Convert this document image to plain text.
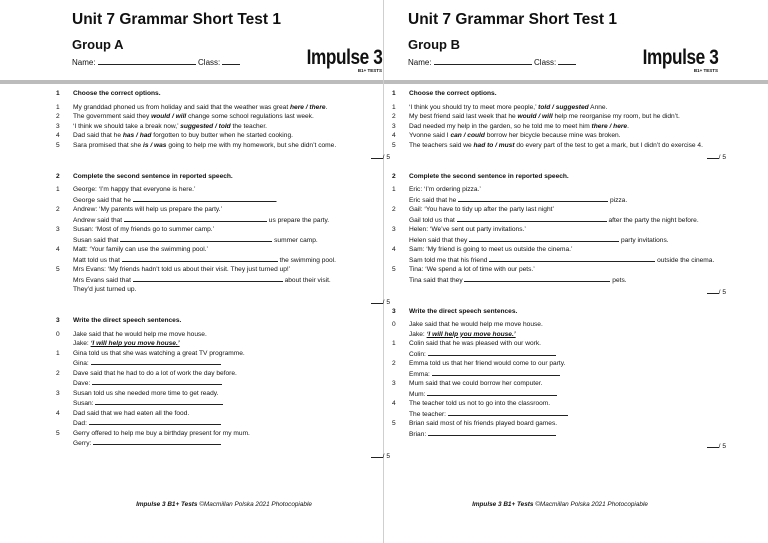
Unit 7 Grammar Short Test 1
Group A
Name:	Class:	Impulse 3
B1+ TESTS
1	Choose the correct options.
1	My granddad phoned us from holiday and said that the weather was great here / there.
2	The government said they would / will change some school regulations last week.
3	‘I think we should take a break now,’ suggested / told the teacher.
4	Dad said that he has / had forgotten to buy butter when he started cooking.
5	Sara promised that she is / was going to help me with my homework, but she didn’t come.
/ 5
2	Complete the second sentence in reported speech.
1	George: ‘I’m happy that everyone is here.’
George said that he	.
2	Andrew: ‘My parents will help us prepare the party.’
Andrew said that	us prepare the party.
3	Susan: ‘Most of my friends go to summer camp.’
Susan said that	summer camp.
4	Matt: ‘Your family can use the swimming pool.’
Matt told us that	the swimming pool.
5	Mrs Evans: ‘My friends hadn’t told us about their visit. They just turned up!’
Mrs Evans said that	about their visit.
They’d just turned up.
/ 5
3	Write the direct speech sentences.
0	Jake said that he would help me move house.
Jake: ‘I will help you move house.’
1	Gina told us that she was watching a great TV programme.
Gina:
2	Dave said that he had to do a lot of work the day before.
Dave:
3	Susan told us she needed more time to get ready.
Susan:
4	Dad said that we had eaten all the food.
Dad:
5	Gerry offered to help me buy a birthday present for my mum.
Gerry:
/ 5
Impulse 3 B1+ Tests ©Macmillan Polska 2021 Photocopiable
Unit 7 Grammar Short Test 1
Group B
Name:	Class:	Impulse 3
B1+ TESTS
1	Choose the correct options.
1	‘I think you should try to meet more people,’ told / suggested Anne.
2	My best friend said last week that he would / will help me reorganise my room, but he didn’t.
3	Dad needed my help in the garden, so he told me to meet him there / here.
4	Yvonne said I can / could borrow her bicycle because mine was broken.
5	The teachers said we had to / must do every part of the test to get a mark, but I didn’t do exercise 4.
/ 5
2	Complete the second sentence in reported speech.
1	Eric: ‘I’m ordering pizza.’
Eric said that he	pizza.
2	Gail: ‘You have to tidy up after the party last night’
Gail told us that	after the party the night before.
3	Helen: ‘We’ve sent out party invitations.’
Helen said that they	party invitations.
4	Sam: ‘My friend is going to meet us outside the cinema.’
Sam told me that his friend	outside the cinema.
5	Tina: ‘We spend a lot of time with our pets.’
Tina said that they	pets.
/ 5
3	Write the direct speech sentences.
0	Jake said that he would help me move house.
Jake: ‘I will help you move house.’
1	Colin said that he was pleased with our work.
Colin:
2	Emma told us that her friend would come to our party.
Emma:
3	Mum said that we could borrow her computer.
Mum:
4	The teacher told us not to go into the classroom.
The teacher:
5	Brian said most of his friends played board games.
Brian:
/ 5
Impulse 3 B1+ Tests ©Macmillan Polska 2021 Photocopiable
